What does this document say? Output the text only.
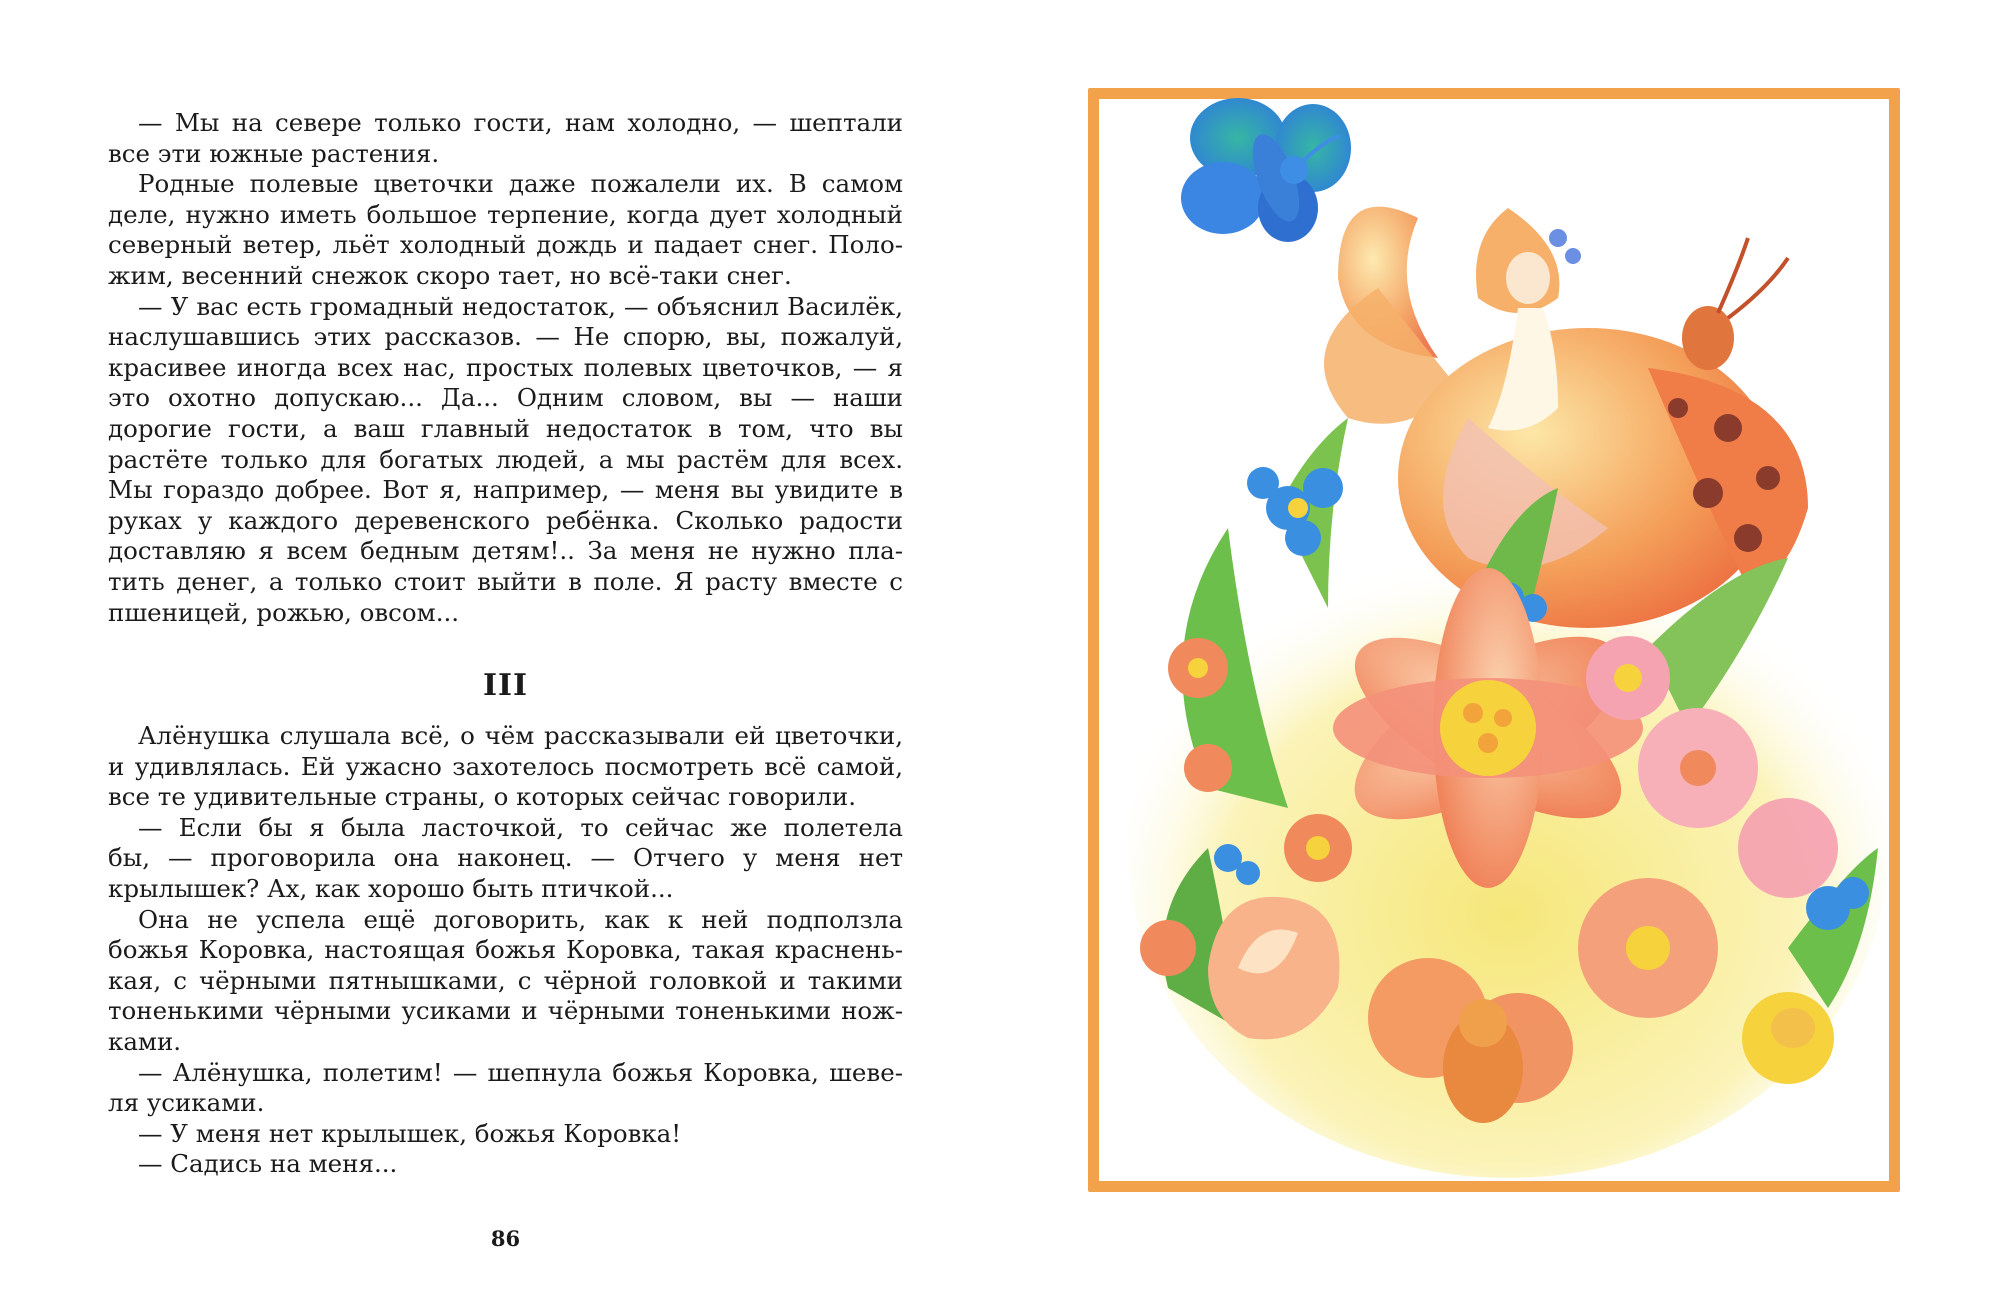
— Мы на севере только гости, нам холодно, — шептали
все эти южные растения.
Родные полевые цветочки даже пожалели их. В самом
деле, нужно иметь большое терпение, когда дует холодный
северный ветер, льёт холодный дождь и падает снег. Поло-
жим, весенний снежок скоро тает, но всё-таки снег.
— У вас есть громадный недостаток, — объяснил Василёк,
наслушавшись этих рассказов. — Не спорю, вы, пожалуй,
красивее иногда всех нас, простых полевых цветочков, — я
это охотно допускаю... Да... Одним словом, вы — наши
дорогие гости, а ваш главный недостаток в том, что вы
растёте только для богатых людей, а мы растём для всех.
Мы гораздо добрее. Вот я, например, — меня вы увидите в
руках у каждого деревенского ребёнка. Сколько радости
доставляю я всем бедным детям!.. За меня не нужно пла-
тить денег, а только стоит выйти в поле. Я расту вместе с
пшеницей, рожью, овсом...
III
Алёнушка слушала всё, о чём рассказывали ей цветочки,
и удивлялась. Ей ужасно захотелось посмотреть всё самой,
все те удивительные страны, о которых сейчас говорили.
— Если бы я была ласточкой, то сейчас же полетела
бы, — проговорила она наконец. — Отчего у меня нет
крылышек? Ах, как хорошо быть птичкой...
Она не успела ещё договорить, как к ней подползла
божья Коровка, настоящая божья Коровка, такая краснень-
кая, с чёрными пятнышками, с чёрной головкой и такими
тоненькими чёрными усиками и чёрными тоненькими нож-
ками.
— Алёнушка, полетим! — шепнула божья Коровка, шеве-
ля усиками.
— У меня нет крылышек, божья Коровка!
— Садись на меня...
86
